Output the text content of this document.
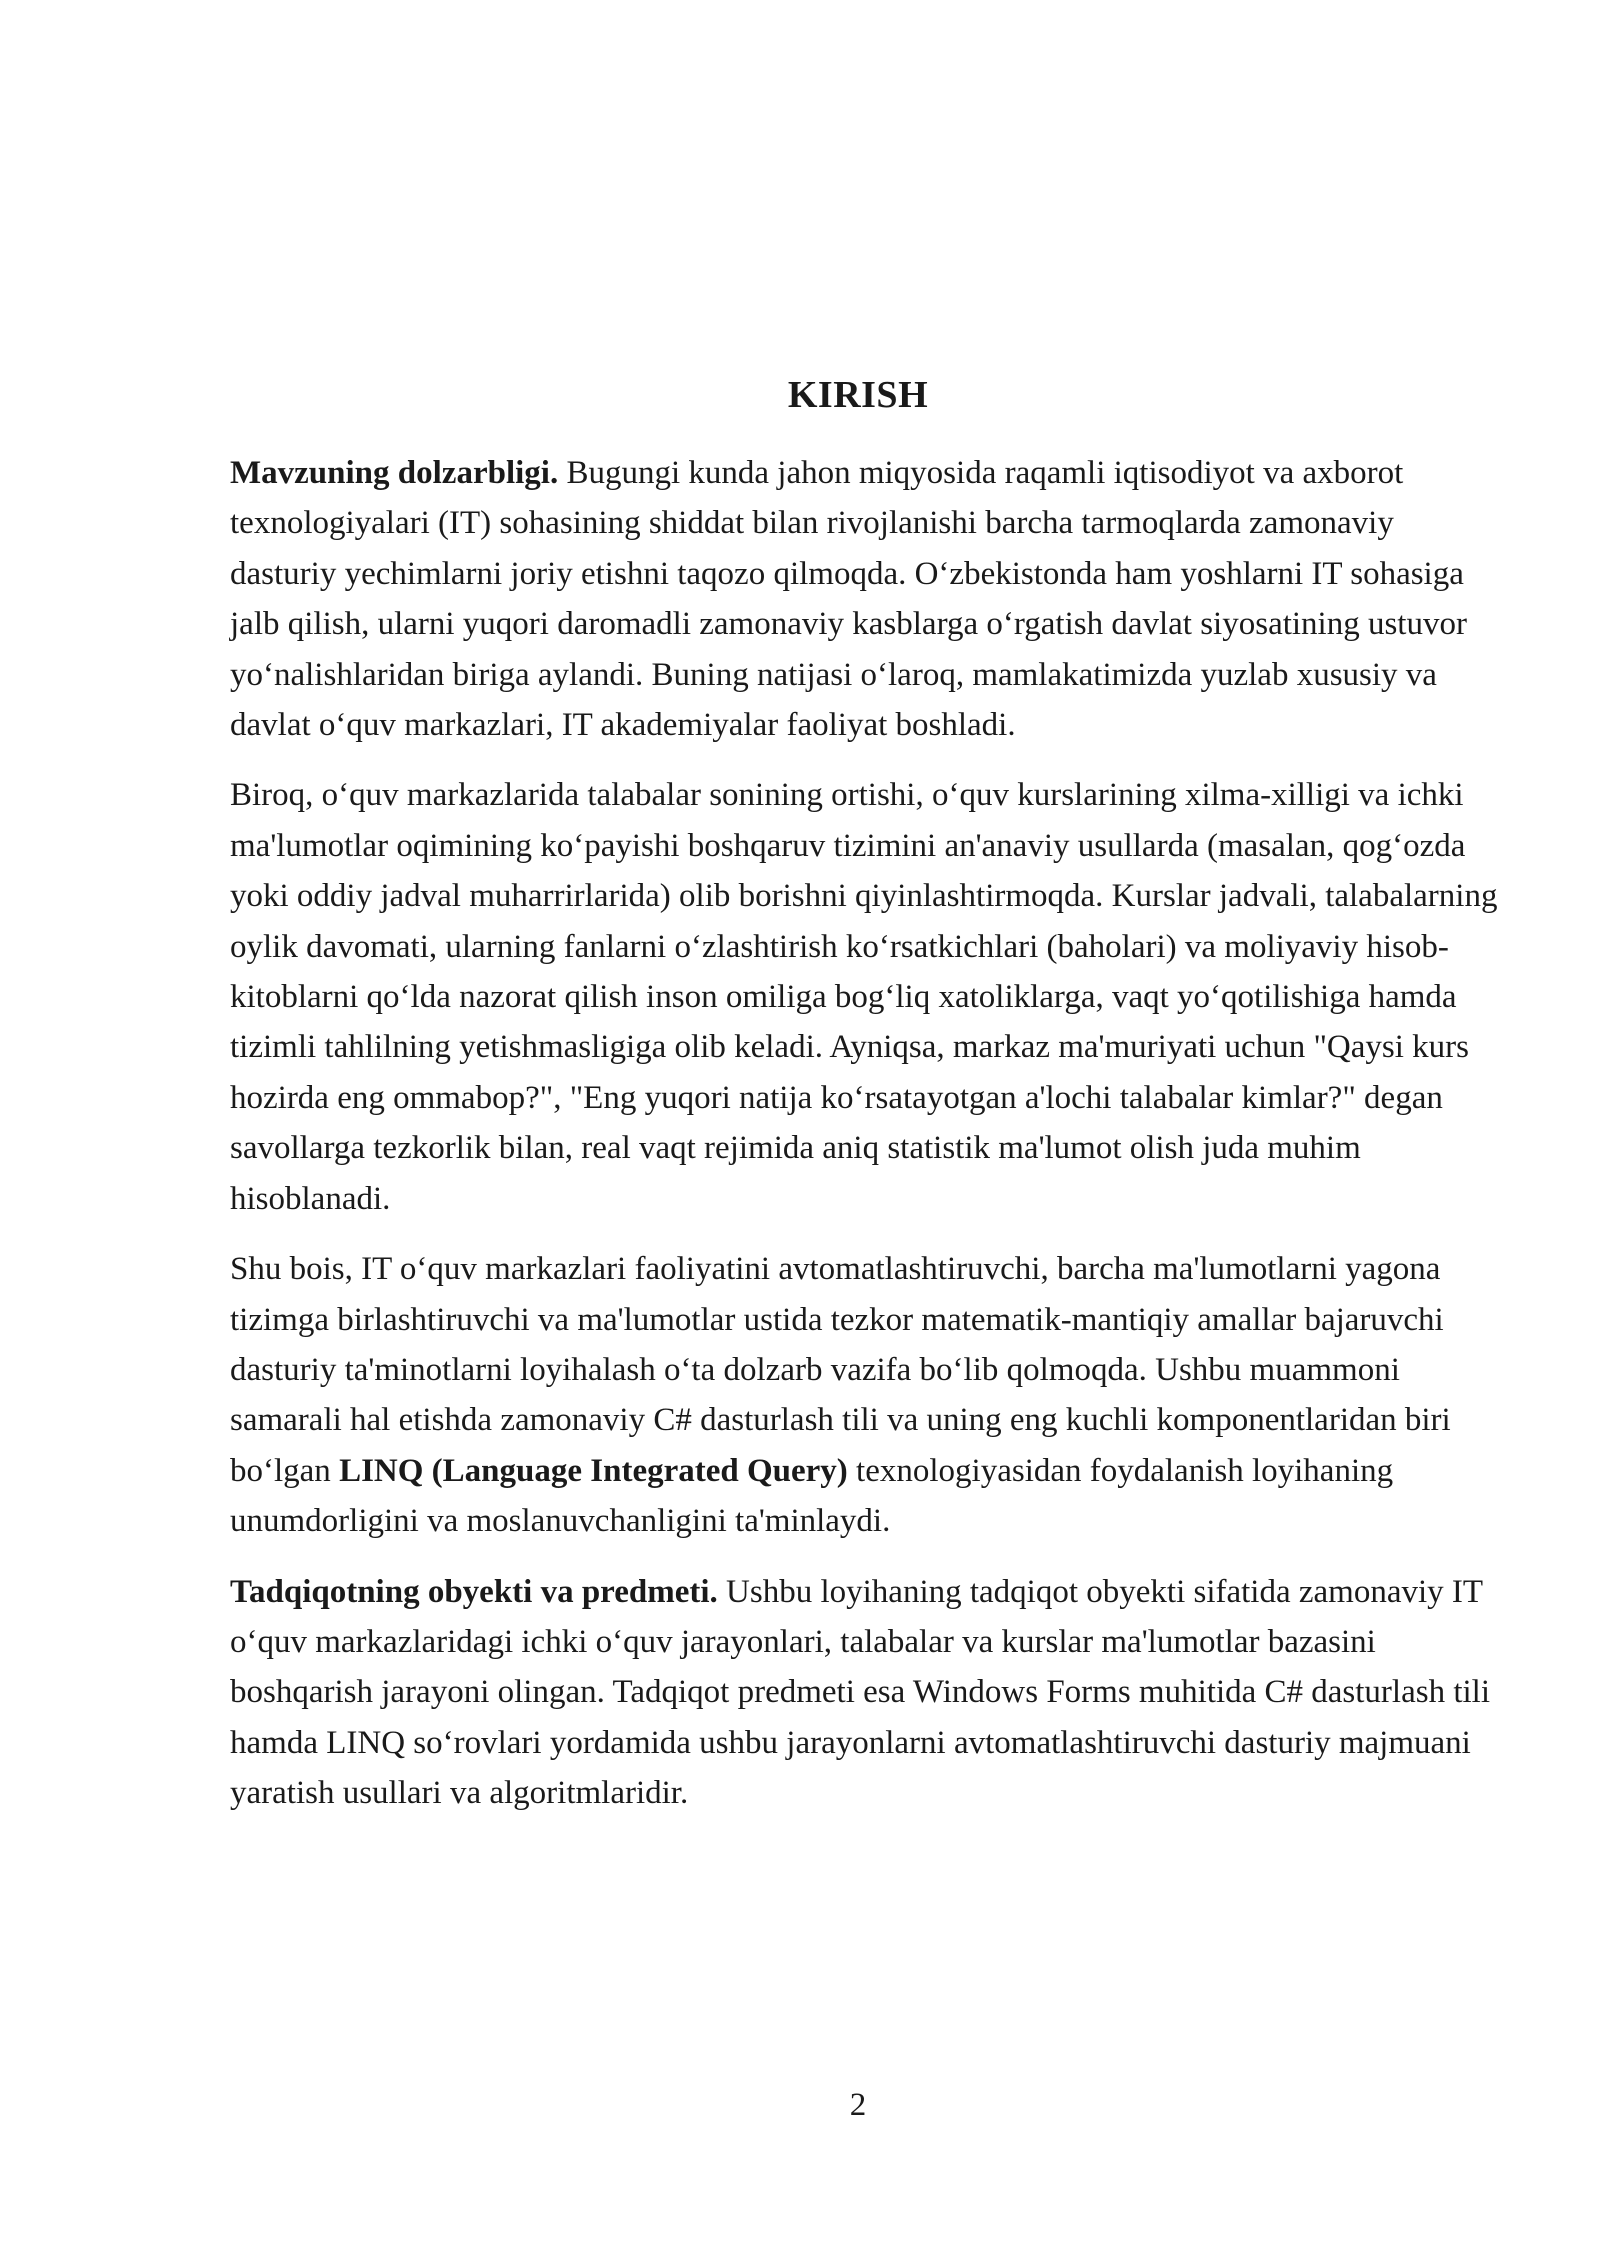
KIRISH

Mavzuning dolzarbligi. Bugungi kunda jahon miqyosida raqamli iqtisodiyot va axborot texnologiyalari (IT) sohasining shiddat bilan rivojlanishi barcha tarmoqlarda zamonaviy dasturiy yechimlarni joriy etishni taqozo qilmoqda. O‘zbekistonda ham yoshlarni IT sohasiga jalb qilish, ularni yuqori daromadli zamonaviy kasblarga o‘rgatish davlat siyosatining ustuvor yo‘nalishlaridan biriga aylandi. Buning natijasi o‘laroq, mamlakatimizda yuzlab xususiy va davlat o‘quv markazlari, IT akademiyalar faoliyat boshladi.

Biroq, o‘quv markazlarida talabalar sonining ortishi, o‘quv kurslarining xilma-xilligi va ichki ma'lumotlar oqimining ko‘payishi boshqaruv tizimini an'anaviy usullarda (masalan, qog‘ozda yoki oddiy jadval muharrirlarida) olib borishni qiyinlashtirmoqda. Kurslar jadvali, talabalarning oylik davomati, ularning fanlarni o‘zlashtirish ko‘rsatkichlari (baholari) va moliyaviy hisob-kitoblarni qo‘lda nazorat qilish inson omiliga bog‘liq xatoliklarga, vaqt yo‘qotilishiga hamda tizimli tahlilning yetishmasligiga olib keladi. Ayniqsa, markaz ma'muriyati uchun "Qaysi kurs hozirda eng ommabop?", "Eng yuqori natija ko‘rsatayotgan a'lochi talabalar kimlar?" degan savollarga tezkorlik bilan, real vaqt rejimida aniq statistik ma'lumot olish juda muhim hisoblanadi.

Shu bois, IT o‘quv markazlari faoliyatini avtomatlashtiruvchi, barcha ma'lumotlarni yagona tizimga birlashtiruvchi va ma'lumotlar ustida tezkor matematik-mantiqiy amallar bajaruvchi dasturiy ta'minotlarni loyihalash o‘ta dolzarb vazifa bo‘lib qolmoqda. Ushbu muammoni samarali hal etishda zamonaviy C# dasturlash tili va uning eng kuchli komponentlaridan biri bo‘lgan LINQ (Language Integrated Query) texnologiyasidan foydalanish loyihaning unumdorligini va moslanuvchanligini ta'minlaydi.

Tadqiqotning obyekti va predmeti. Ushbu loyihaning tadqiqot obyekti sifatida zamonaviy IT o‘quv markazlaridagi ichki o‘quv jarayonlari, talabalar va kurslar ma'lumotlar bazasini boshqarish jarayoni olingan. Tadqiqot predmeti esa Windows Forms muhitida C# dasturlash tili hamda LINQ so‘rovlari yordamida ushbu jarayonlarni avtomatlashtiruvchi dasturiy majmuani yaratish usullari va algoritmlaridir.

2
